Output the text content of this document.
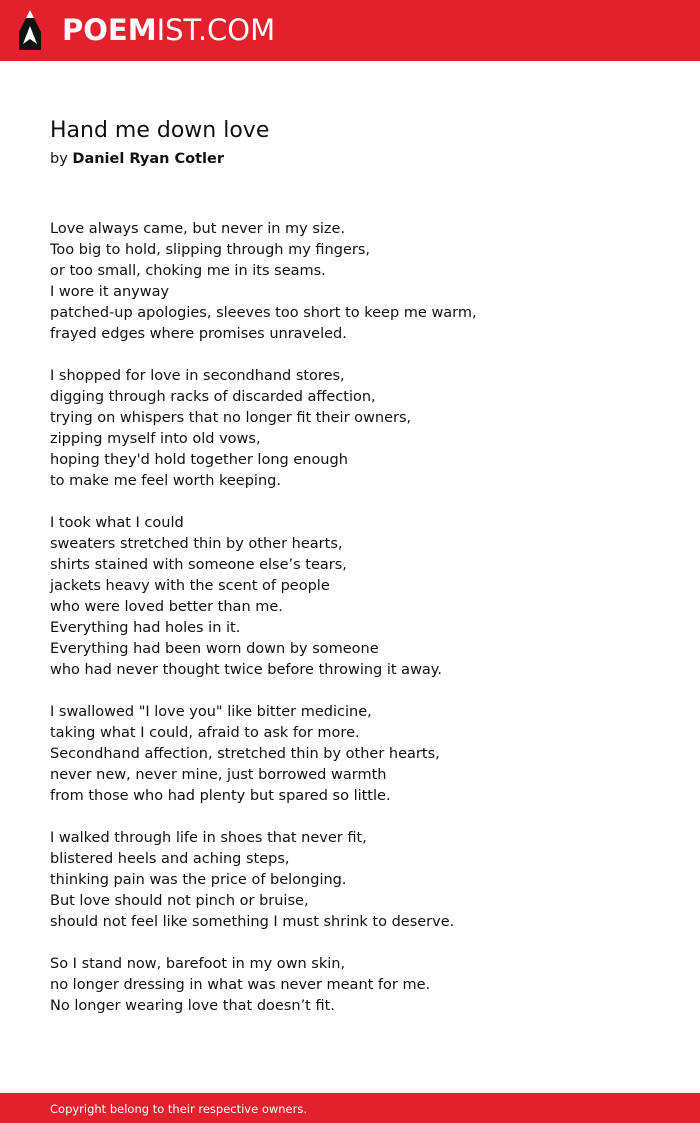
POEMIST.COM
Hand me down love
by Daniel Ryan Cotler
Love always came, but never in my size.
Too big to hold, slipping through my fingers,
or too small, choking me in its seams.
I wore it anyway
patched-up apologies, sleeves too short to keep me warm,
frayed edges where promises unraveled.
I shopped for love in secondhand stores,
digging through racks of discarded affection,
trying on whispers that no longer fit their owners,
zipping myself into old vows,
hoping they'd hold together long enough
to make me feel worth keeping.
I took what I could
sweaters stretched thin by other hearts,
shirts stained with someone else’s tears,
jackets heavy with the scent of people
who were loved better than me.
Everything had holes in it.
Everything had been worn down by someone
who had never thought twice before throwing it away.
I swallowed "I love you" like bitter medicine,
taking what I could, afraid to ask for more.
Secondhand affection, stretched thin by other hearts,
never new, never mine, just borrowed warmth
from those who had plenty but spared so little.
I walked through life in shoes that never fit,
blistered heels and aching steps,
thinking pain was the price of belonging.
But love should not pinch or bruise,
should not feel like something I must shrink to deserve.
So I stand now, barefoot in my own skin,
no longer dressing in what was never meant for me.
No longer wearing love that doesn’t fit.
Copyright belong to their respective owners.
